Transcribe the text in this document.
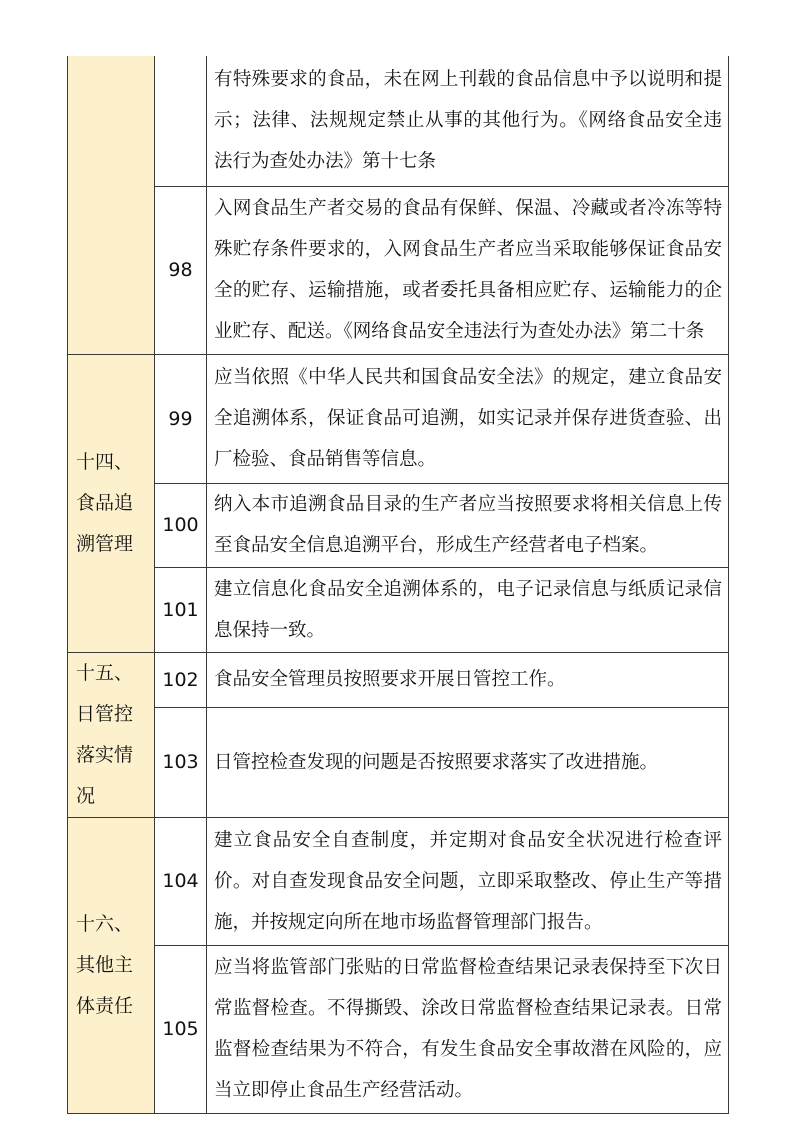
		有特殊要求的食品，未在网上刊载的食品信息中予以说明和提示；法律、法规规定禁止从事的其他行为。《网络食品安全违法行为查处办法》第十七条
	98	入网食品生产者交易的食品有保鲜、保温、冷藏或者冷冻等特殊贮存条件要求的，入网食品生产者应当采取能够保证食品安全的贮存、运输措施，或者委托具备相应贮存、运输能力的企业贮存、配送。《网络食品安全违法行为查处办法》第二十条
十四、食品追溯管理	99	应当依照《中华人民共和国食品安全法》的规定，建立食品安全追溯体系，保证食品可追溯，如实记录并保存进货查验、出厂检验、食品销售等信息。
	100	纳入本市追溯食品目录的生产者应当按照要求将相关信息上传至食品安全信息追溯平台，形成生产经营者电子档案。
	101	建立信息化食品安全追溯体系的，电子记录信息与纸质记录信息保持一致。
十五、日管控落实情况	102	食品安全管理员按照要求开展日管控工作。
	103	日管控检查发现的问题是否按照要求落实了改进措施。
十六、其他主体责任	104	建立食品安全自查制度，并定期对食品安全状况进行检查评价。对自查发现食品安全问题，立即采取整改、停止生产等措施，并按规定向所在地市场监督管理部门报告。
	105	应当将监管部门张贴的日常监督检查结果记录表保持至下次日常监督检查。不得撕毁、涂改日常监督检查结果记录表。日常监督检查结果为不符合，有发生食品安全事故潜在风险的，应当立即停止食品生产经营活动。
